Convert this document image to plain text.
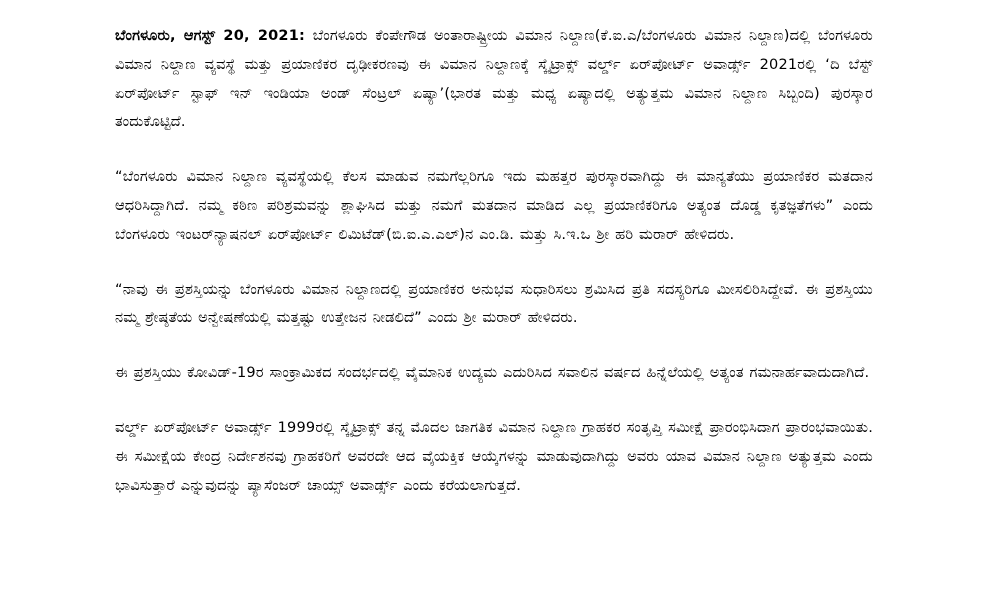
ಬೆಂಗಳೂರು, ಆಗಸ್ಟ್ 20, 2021: ಬೆಂಗಳೂರು ಕೆಂಪೇಗೌಡ ಅಂತಾರಾಷ್ಟ್ರೀಯ ವಿಮಾನ ನಿಲ್ದಾಣ(ಕೆ.ಐ.ಎ/ಬೆಂಗಳೂರು ವಿಮಾನ ನಿಲ್ದಾಣ)ದಲ್ಲಿ ಬೆಂಗಳೂರು ವಿಮಾನ ನಿಲ್ದಾಣ ವ್ಯವಸ್ಥೆ ಮತ್ತು ಪ್ರಯಾಣಿಕರ ದೃಢೀಕರಣವು ಈ ವಿಮಾನ ನಿಲ್ದಾಣಕ್ಕೆ ಸ್ಕೈಟ್ರಾಕ್ಸ್ ವರ್ಲ್ಡ್ ಏರ್‌ಪೋರ್ಟ್ ಅವಾರ್ಡ್ಸ್ 2021ರಲ್ಲಿ ‘ದಿ ಬೆಸ್ಟ್ ಏರ್‌ಪೋರ್ಟ್ ಸ್ಟಾಫ್ ಇನ್ ಇಂಡಿಯಾ ಅಂಡ್ ಸೆಂಟ್ರಲ್ ಏಷ್ಯಾ’(ಭಾರತ ಮತ್ತು ಮಧ್ಯ ಏಷ್ಯಾದಲ್ಲಿ ಅತ್ಯುತ್ತಮ ವಿಮಾನ ನಿಲ್ದಾಣ ಸಿಬ್ಬಂದಿ) ಪುರಸ್ಕಾರ ತಂದುಕೊಟ್ಟಿದೆ.

“ಬೆಂಗಳೂರು ವಿಮಾನ ನಿಲ್ದಾಣ ವ್ಯವಸ್ಥೆಯಲ್ಲಿ ಕೆಲಸ ಮಾಡುವ ನಮಗೆಲ್ಲರಿಗೂ ಇದು ಮಹತ್ತರ ಪುರಸ್ಕಾರವಾಗಿದ್ದು ಈ ಮಾನ್ಯತೆಯು ಪ್ರಯಾಣಿಕರ ಮತದಾನ ಆಧರಿಸಿದ್ದಾಗಿದೆ. ನಮ್ಮ ಕಠಿಣ ಪರಿಶ್ರಮವನ್ನು ಶ್ಲಾಘಿಸಿದ ಮತ್ತು ನಮಗೆ ಮತದಾನ ಮಾಡಿದ ಎಲ್ಲ ಪ್ರಯಾಣಿಕರಿಗೂ ಅತ್ಯಂತ ದೊಡ್ಡ ಕೃತಜ್ಞತೆಗಳು” ಎಂದು ಬೆಂಗಳೂರು ಇಂಟರ್‌ನ್ಯಾಷನಲ್ ಏರ್‌ಪೋರ್ಟ್ ಲಿಮಿಟೆಡ್(ಬಿ.ಐ.ಎ.ಎಲ್)ನ ಎಂ.ಡಿ. ಮತ್ತು ಸಿ.ಇ.ಒ ಶ್ರೀ ಹರಿ ಮರಾರ್ ಹೇಳಿದರು.

“ನಾವು ಈ ಪ್ರಶಸ್ತಿಯನ್ನು ಬೆಂಗಳೂರು ವಿಮಾನ ನಿಲ್ದಾಣದಲ್ಲಿ ಪ್ರಯಾಣಿಕರ ಅನುಭವ ಸುಧಾರಿಸಲು ಶ್ರಮಿಸಿದ ಪ್ರತಿ ಸದಸ್ಯರಿಗೂ ಮೀಸಲಿರಿಸಿದ್ದೇವೆ. ಈ ಪ್ರಶಸ್ತಿಯು ನಮ್ಮ ಶ್ರೇಷ್ಠತೆಯ ಅನ್ವೇಷಣೆಯಲ್ಲಿ ಮತ್ತಷ್ಟು ಉತ್ತೇಜನ ನೀಡಲಿದೆ” ಎಂದು ಶ್ರೀ ಮರಾರ್ ಹೇಳಿದರು.

ಈ ಪ್ರಶಸ್ತಿಯು ಕೋವಿಡ್-19ರ ಸಾಂಕ್ರಾಮಿಕದ ಸಂದರ್ಭದಲ್ಲಿ ವೈಮಾನಿಕ ಉದ್ಯಮ ಎದುರಿಸಿದ ಸವಾಲಿನ ವರ್ಷದ ಹಿನ್ನೆಲೆಯಲ್ಲಿ ಅತ್ಯಂತ ಗಮನಾರ್ಹವಾದುದಾಗಿದೆ.

ವರ್ಲ್ಡ್ ಏರ್‌ಪೋರ್ಟ್ ಅವಾರ್ಡ್ಸ್ 1999ರಲ್ಲಿ ಸ್ಕೈಟ್ರಾಕ್ಸ್ ತನ್ನ ಮೊದಲ ಜಾಗತಿಕ ವಿಮಾನ ನಿಲ್ದಾಣ ಗ್ರಾಹಕರ ಸಂತೃಪ್ತಿ ಸಮೀಕ್ಷೆ ಪ್ರಾರಂಭಿಸಿದಾಗ ಪ್ರಾರಂಭವಾಯಿತು. ಈ ಸಮೀಕ್ಷೆಯ ಕೇಂದ್ರ ನಿರ್ದೇಶನವು ಗ್ರಾಹಕರಿಗೆ ಅವರದೇ ಆದ ವೈಯಕ್ತಿಕ ಆಯ್ಕೆಗಳನ್ನು ಮಾಡುವುದಾಗಿದ್ದು ಅವರು ಯಾವ ವಿಮಾನ ನಿಲ್ದಾಣ ಅತ್ಯುತ್ತಮ ಎಂದು ಭಾವಿಸುತ್ತಾರೆ ಎನ್ನುವುದನ್ನು ಪ್ಯಾಸೆಂಜರ್ ಚಾಯ್ಸ್ ಅವಾರ್ಡ್ಸ್ ಎಂದು ಕರೆಯಲಾಗುತ್ತದೆ.
